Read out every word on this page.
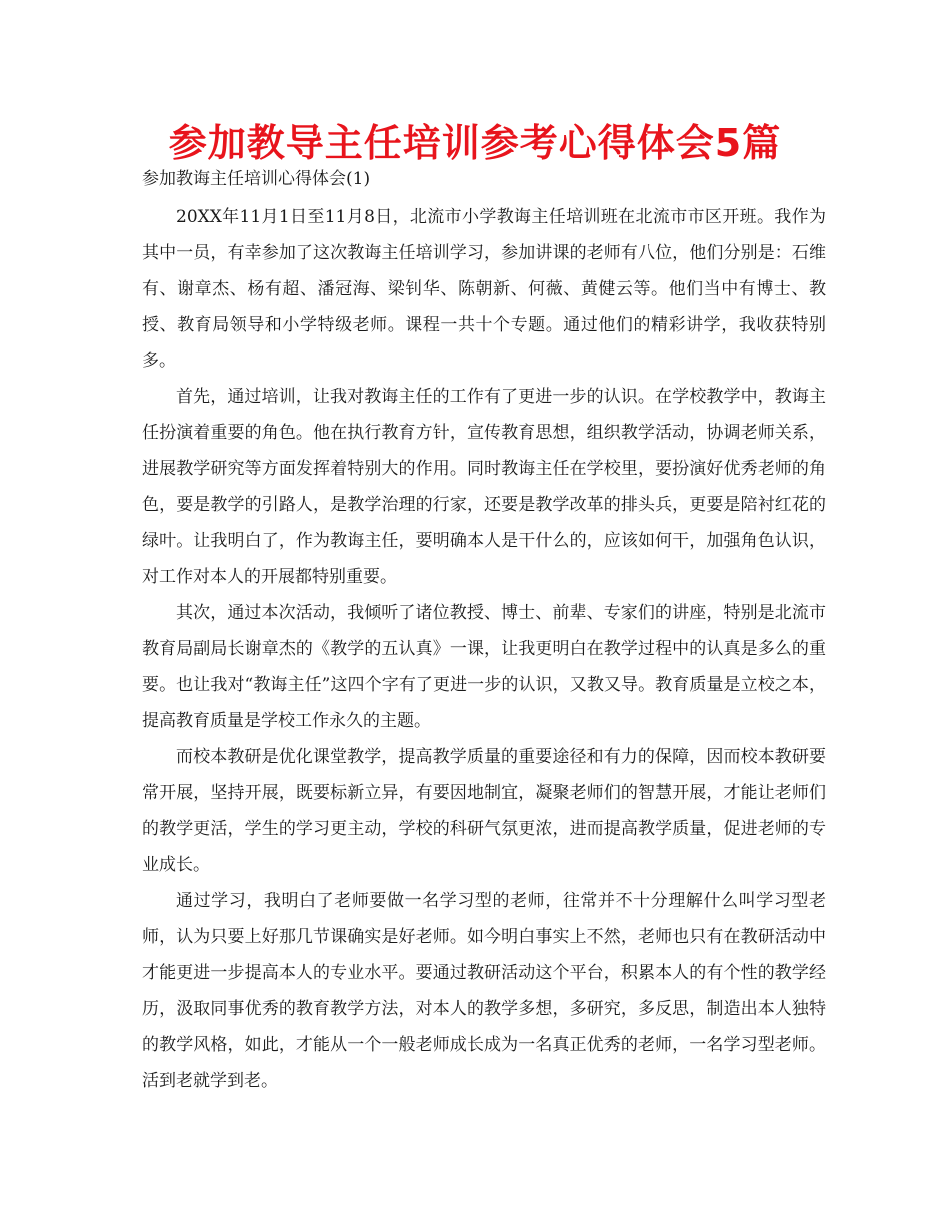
参加教导主任培训参考心得体会5篇
参加教诲主任培训心得体会(1)

20XX年11月1日至11月8日，北流市小学教诲主任培训班在北流市市区开班。我作为其中一员，有幸参加了这次教诲主任培训学习，参加讲课的老师有八位，他们分别是：石维有、谢章杰、杨有超、潘冠海、梁钊华、陈朝新、何薇、黄健云等。他们当中有博士、教授、教育局领导和小学特级老师。课程一共十个专题。通过他们的精彩讲学，我收获特别多。

首先，通过培训，让我对教诲主任的工作有了更进一步的认识。在学校教学中，教诲主任扮演着重要的角色。他在执行教育方针，宣传教育思想，组织教学活动，协调老师关系，进展教学研究等方面发挥着特别大的作用。同时教诲主任在学校里，要扮演好优秀老师的角色，要是教学的引路人，是教学治理的行家，还要是教学改革的排头兵，更要是陪衬红花的绿叶。让我明白了，作为教诲主任，要明确本人是干什么的，应该如何干，加强角色认识，对工作对本人的开展都特别重要。

其次，通过本次活动，我倾听了诸位教授、博士、前辈、专家们的讲座，特别是北流市教育局副局长谢章杰的《教学的五认真》一课，让我更明白在教学过程中的认真是多么的重要。也让我对“教诲主任”这四个字有了更进一步的认识，又教又导。教育质量是立校之本，提高教育质量是学校工作永久的主题。

而校本教研是优化课堂教学，提高教学质量的重要途径和有力的保障，因而校本教研要常开展，坚持开展，既要标新立异，有要因地制宜，凝聚老师们的智慧开展，才能让老师们的教学更活，学生的学习更主动，学校的科研气氛更浓，进而提高教学质量，促进老师的专业成长。

通过学习，我明白了老师要做一名学习型的老师，往常并不十分理解什么叫学习型老师，认为只要上好那几节课确实是好老师。如今明白事实上不然，老师也只有在教研活动中才能更进一步提高本人的专业水平。要通过教研活动这个平台，积累本人的有个性的教学经历，汲取同事优秀的教育教学方法，对本人的教学多想，多研究，多反思，制造出本人独特的教学风格，如此，才能从一个一般老师成长成为一名真正优秀的老师，一名学习型老师。活到老就学到老。
